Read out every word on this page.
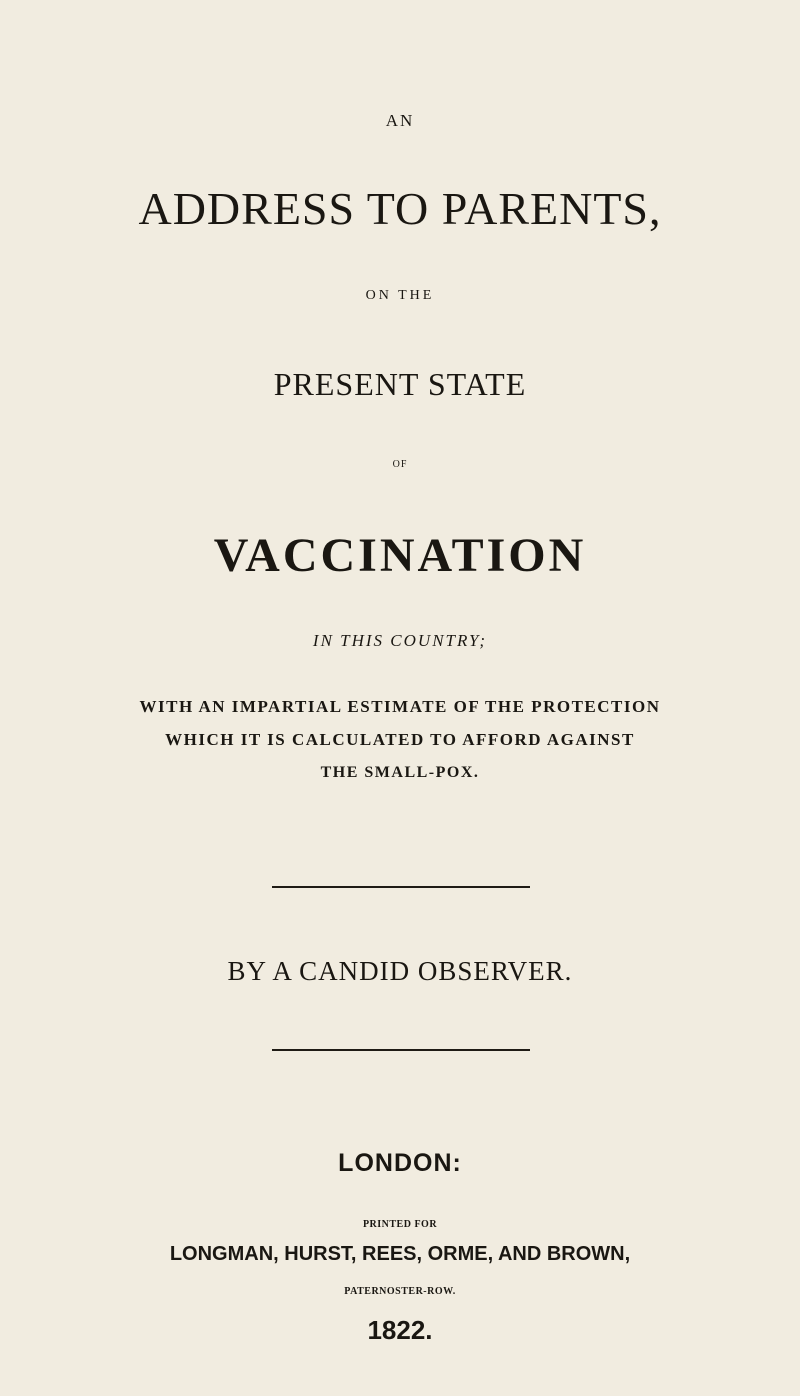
AN
ADDRESS TO PARENTS,
ON THE
PRESENT STATE
OF
VACCINATION
IN THIS COUNTRY;
WITH AN IMPARTIAL ESTIMATE OF THE PROTECTION
WHICH IT IS CALCULATED TO AFFORD AGAINST
THE SMALL-POX.
BY A CANDID OBSERVER.
LONDON:
PRINTED FOR
LONGMAN, HURST, REES, ORME, AND BROWN,
PATERNOSTER-ROW.
1822.
